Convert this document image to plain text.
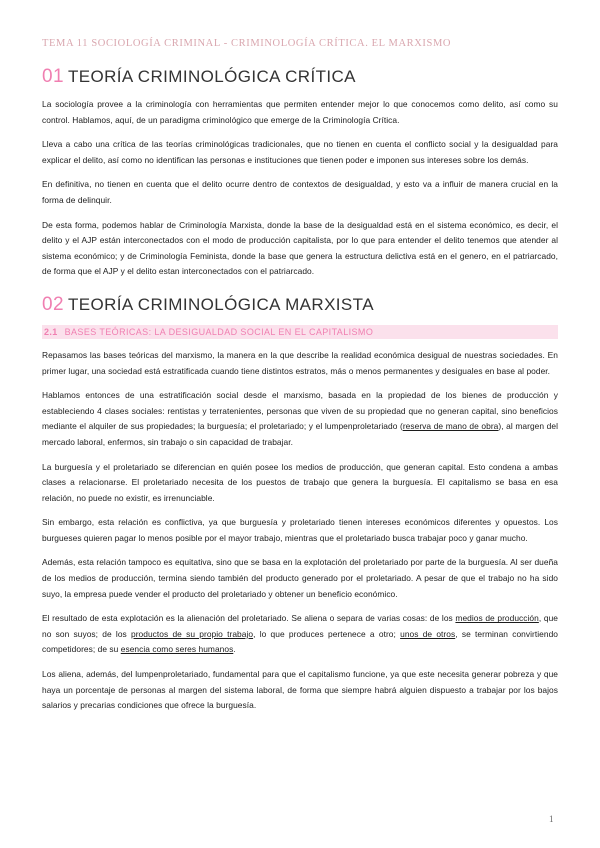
TEMA 11 SOCIOLOGÍA CRIMINAL - CRIMINOLOGÍA CRÍTICA. EL MARXISMO
01 TEORÍA CRIMINOLÓGICA CRÍTICA

La sociología provee a la criminología con herramientas que permiten entender mejor lo que conocemos como delito, así como su control. Hablamos, aquí, de un paradigma criminológico que emerge de la Criminología Crítica.

Lleva a cabo una crítica de las teorías criminológicas tradicionales, que no tienen en cuenta el conflicto social y la desigualdad para explicar el delito, así como no identifican las personas e instituciones que tienen poder e imponen sus intereses sobre los demás.

En definitiva, no tienen en cuenta que el delito ocurre dentro de contextos de desigualdad, y esto va a influir de manera crucial en la forma de delinquir.

De esta forma, podemos hablar de Criminología Marxista, donde la base de la desigualdad está en el sistema económico, es decir, el delito y el AJP están interconectados con el modo de producción capitalista, por lo que para entender el delito tenemos que atender al sistema económico; y de Criminología Feminista, donde la base que genera la estructura delictiva está en el genero, en el patriarcado, de forma que el AJP y el delito estan interconectados con el patriarcado.

02 TEORÍA CRIMINOLÓGICA MARXISTA
2.1 BASES TEÓRICAS: LA DESIGUALDAD SOCIAL EN EL CAPITALISMO

Repasamos las bases teóricas del marxismo, la manera en la que describe la realidad económica desigual de nuestras sociedades. En primer lugar, una sociedad está estratificada cuando tiene distintos estratos, más o menos permanentes y desiguales en base al poder.

Hablamos entonces de una estratificación social desde el marxismo, basada en la propiedad de los bienes de producción y estableciendo 4 clases sociales: rentistas y terratenientes, personas que viven de su propiedad que no generan capital, sino beneficios mediante el alquiler de sus propiedades; la burguesía; el proletariado; y el lumpenproletariado (reserva de mano de obra), al margen del mercado laboral, enfermos, sin trabajo o sin capacidad de trabajar.

La burguesía y el proletariado se diferencian en quién posee los medios de producción, que generan capital. Esto condena a ambas clases a relacionarse. El proletariado necesita de los puestos de trabajo que genera la burguesía. El capitalismo se basa en esa relación, no puede no existir, es irrenunciable.

Sin embargo, esta relación es conflictiva, ya que burguesía y proletariado tienen intereses económicos diferentes y opuestos. Los burgueses quieren pagar lo menos posible por el mayor trabajo, mientras que el proletariado busca trabajar poco y ganar mucho.

Además, esta relación tampoco es equitativa, sino que se basa en la explotación del proletariado por parte de la burguesía. Al ser dueña de los medios de producción, termina siendo también del producto generado por el proletariado. A pesar de que el trabajo no ha sido suyo, la empresa puede vender el producto del proletariado y obtener un beneficio económico.

El resultado de esta explotación es la alienación del proletariado. Se aliena o separa de varias cosas: de los medios de producción, que no son suyos; de los productos de su propio trabajo, lo que produces pertenece a otro; unos de otros, se terminan convirtiendo competidores; de su esencia como seres humanos.

Los aliena, además, del lumpenproletariado, fundamental para que el capitalismo funcione, ya que este necesita generar pobreza y que haya un porcentaje de personas al margen del sistema laboral, de forma que siempre habrá alguien dispuesto a trabajar por los bajos salarios y precarias condiciones que ofrece la burguesía.

1
